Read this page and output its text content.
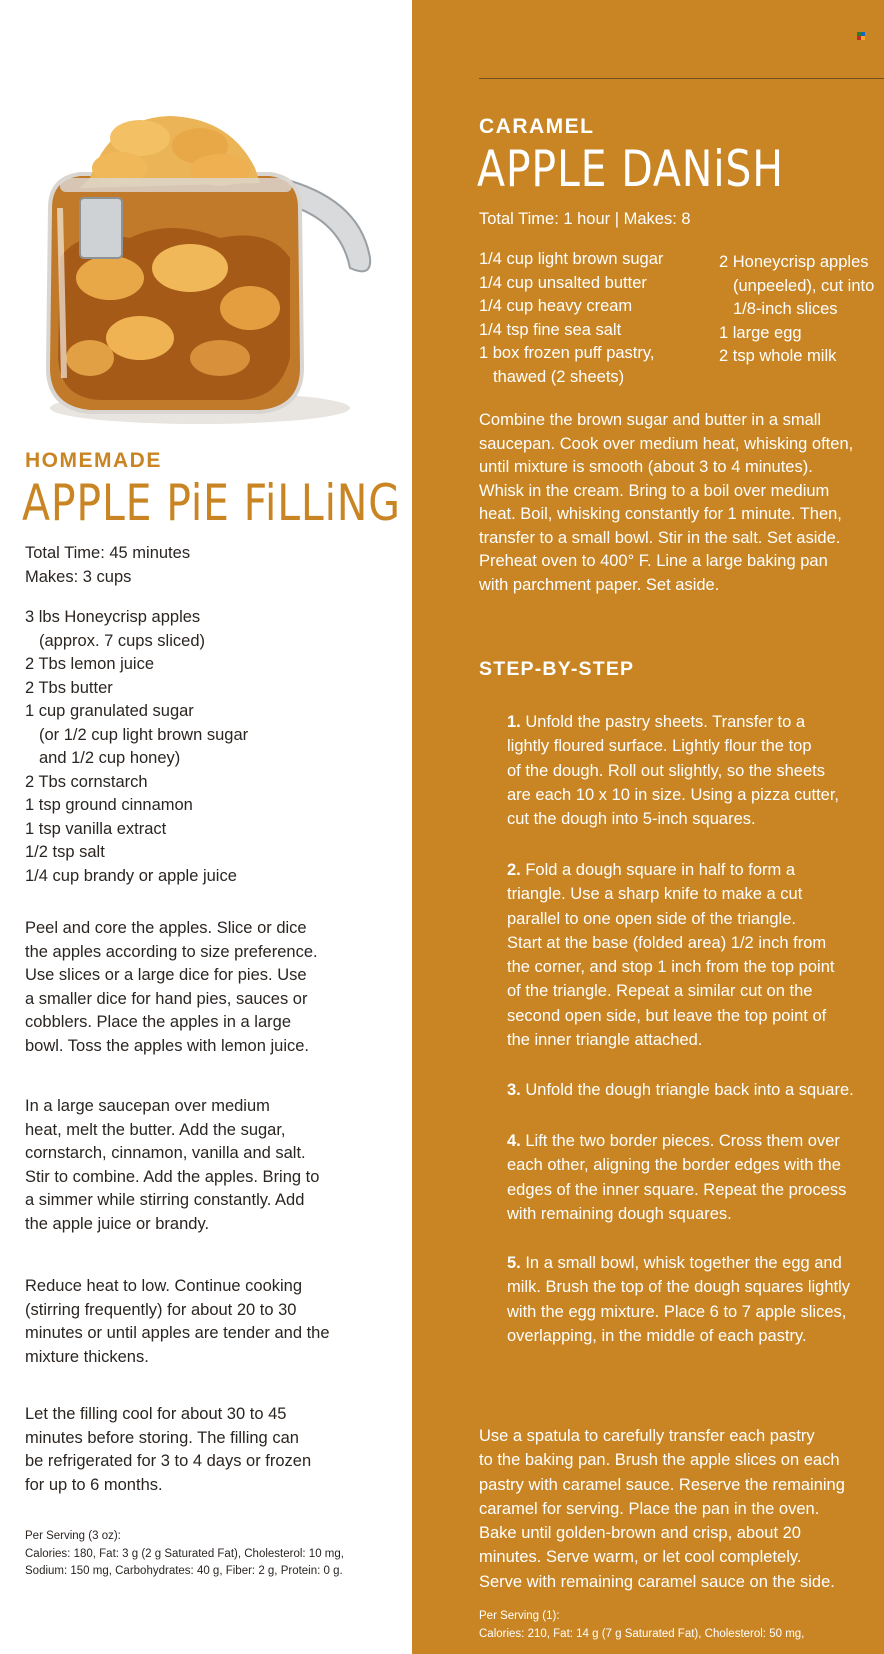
HOMEMADE
APPLE PiE FiLLiNG
Total Time: 45 minutes
Makes: 3 cups
3 lbs Honeycrisp apples
(approx. 7 cups sliced)
2 Tbs lemon juice
2 Tbs butter
1 cup granulated sugar
(or 1/2 cup light brown sugar
and 1/2 cup honey)
2 Tbs cornstarch
1 tsp ground cinnamon
1 tsp vanilla extract
1/2 tsp salt
1/4 cup brandy or apple juice
Peel and core the apples. Slice or dice
the apples according to size preference.
Use slices or a large dice for pies. Use
a smaller dice for hand pies, sauces or
cobblers. Place the apples in a large
bowl. Toss the apples with lemon juice.
In a large saucepan over medium
heat, melt the butter. Add the sugar,
cornstarch, cinnamon, vanilla and salt.
Stir to combine. Add the apples. Bring to
a simmer while stirring constantly. Add
the apple juice or brandy.
Reduce heat to low. Continue cooking
(stirring frequently) for about 20 to 30
minutes or until apples are tender and the
mixture thickens.
Let the filling cool for about 30 to 45
minutes before storing. The filling can
be refrigerated for 3 to 4 days or frozen
for up to 6 months.
Per Serving (3 oz):
Calories: 180, Fat: 3 g (2 g Saturated Fat), Cholesterol: 10 mg,
Sodium: 150 mg, Carbohydrates: 40 g, Fiber: 2 g, Protein: 0 g.
CARAMEL
APPLE DANiSH
Total Time: 1 hour | Makes: 8
1/4 cup light brown sugar
1/4 cup unsalted butter
1/4 cup heavy cream
1/4 tsp fine sea salt
1 box frozen puff pastry,
thawed (2 sheets)
2 Honeycrisp apples
(unpeeled), cut into
1/8-inch slices
1 large egg
2 tsp whole milk
Combine the brown sugar and butter in a small
saucepan. Cook over medium heat, whisking often,
until mixture is smooth (about 3 to 4 minutes).
Whisk in the cream. Bring to a boil over medium
heat. Boil, whisking constantly for 1 minute. Then,
transfer to a small bowl. Stir in the salt. Set aside.
Preheat oven to 400° F. Line a large baking pan
with parchment paper. Set aside.
STEP-BY-STEP
1. Unfold the pastry sheets. Transfer to a
lightly floured surface. Lightly flour the top
of the dough. Roll out slightly, so the sheets
are each 10 x 10 in size. Using a pizza cutter,
cut the dough into 5-inch squares.
2. Fold a dough square in half to form a
triangle. Use a sharp knife to make a cut
parallel to one open side of the triangle.
Start at the base (folded area) 1/2 inch from
the corner, and stop 1 inch from the top point
of the triangle. Repeat a similar cut on the
second open side, but leave the top point of
the inner triangle attached.
3. Unfold the dough triangle back into a square.
4. Lift the two border pieces. Cross them over
each other, aligning the border edges with the
edges of the inner square. Repeat the process
with remaining dough squares.
5. In a small bowl, whisk together the egg and
milk. Brush the top of the dough squares lightly
with the egg mixture. Place 6 to 7 apple slices,
overlapping, in the middle of each pastry.
Use a spatula to carefully transfer each pastry
to the baking pan. Brush the apple slices on each
pastry with caramel sauce. Reserve the remaining
caramel for serving. Place the pan in the oven.
Bake until golden-brown and crisp, about 20
minutes. Serve warm, or let cool completely.
Serve with remaining caramel sauce on the side.
Per Serving (1):
Calories: 210, Fat: 14 g (7 g Saturated Fat), Cholesterol: 50 mg,
